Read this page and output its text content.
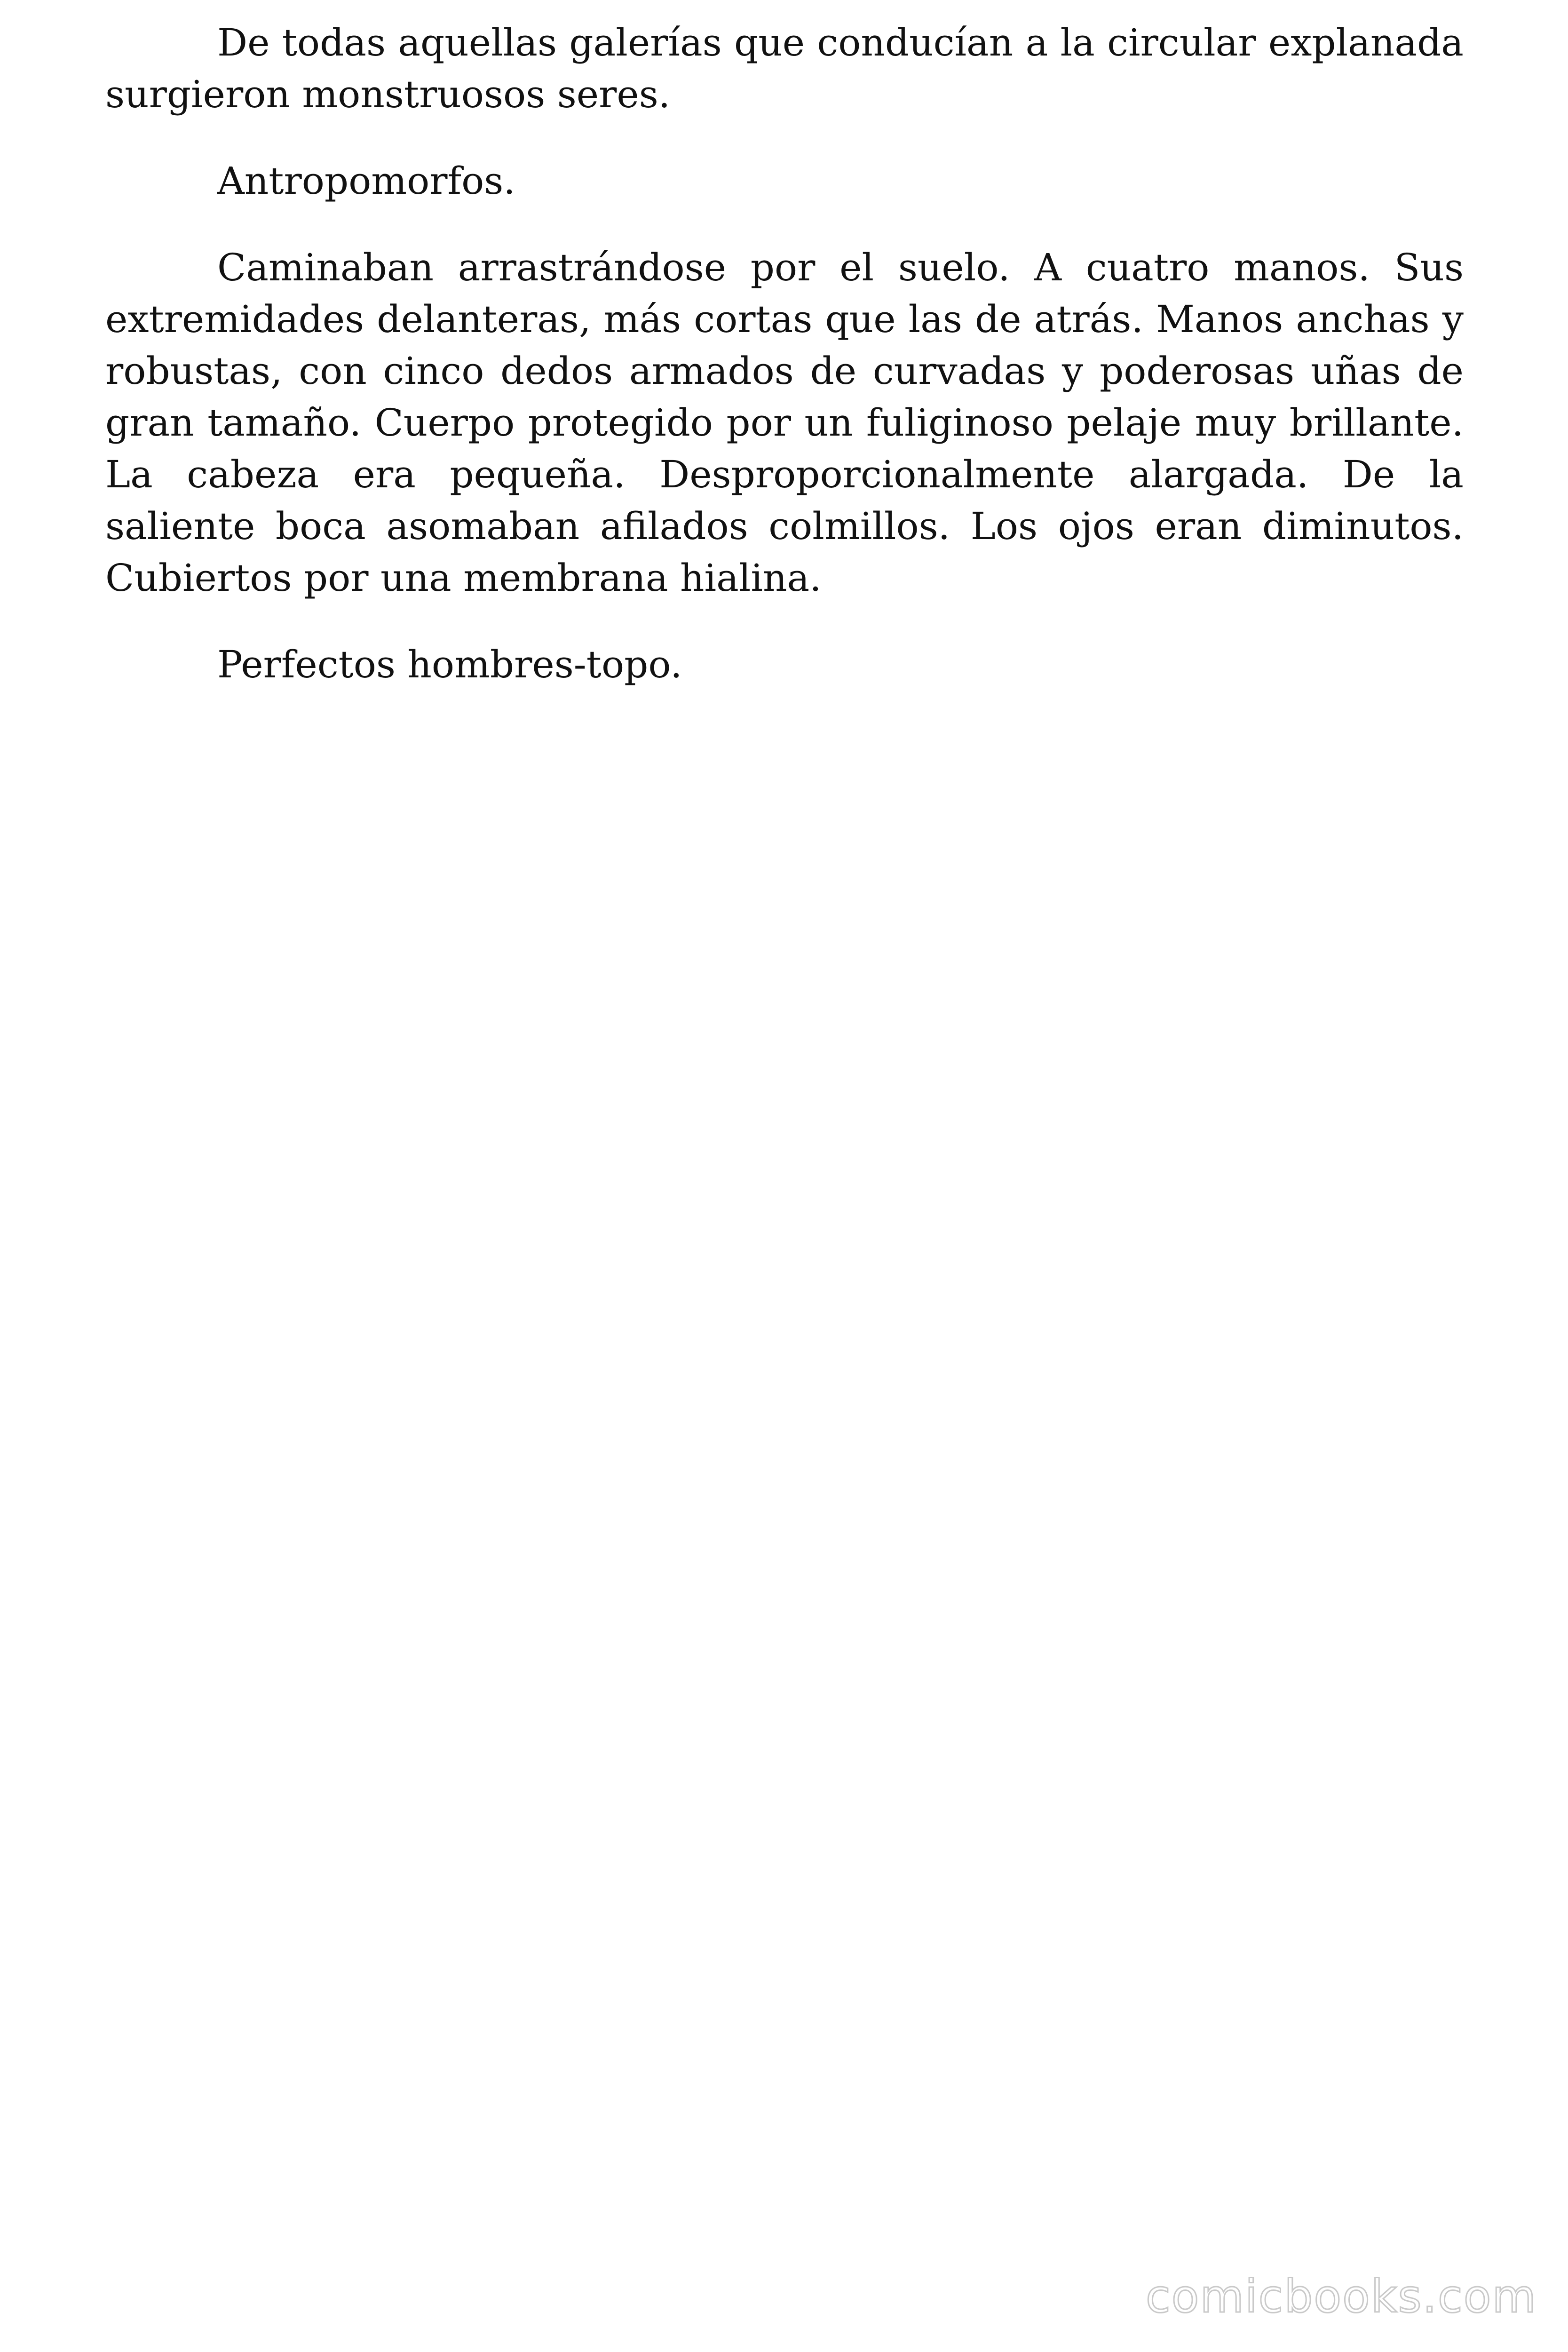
De todas aquellas galerías que conducían a la circular explanada surgieron monstruosos seres.

Antropomorfos.

Caminaban arrastrándose por el suelo. A cuatro manos. Sus extremidades delanteras, más cortas que las de atrás. Manos anchas y robustas, con cinco dedos armados de curvadas y poderosas uñas de gran tamaño. Cuerpo protegido por un fuliginoso pelaje muy brillante. La cabeza era pequeña. Desproporcionalmente alargada. De la saliente boca asomaban afilados colmillos. Los ojos eran diminutos. Cubiertos por una membrana hialina.

Perfectos hombres-topo.

comicbooks.com
